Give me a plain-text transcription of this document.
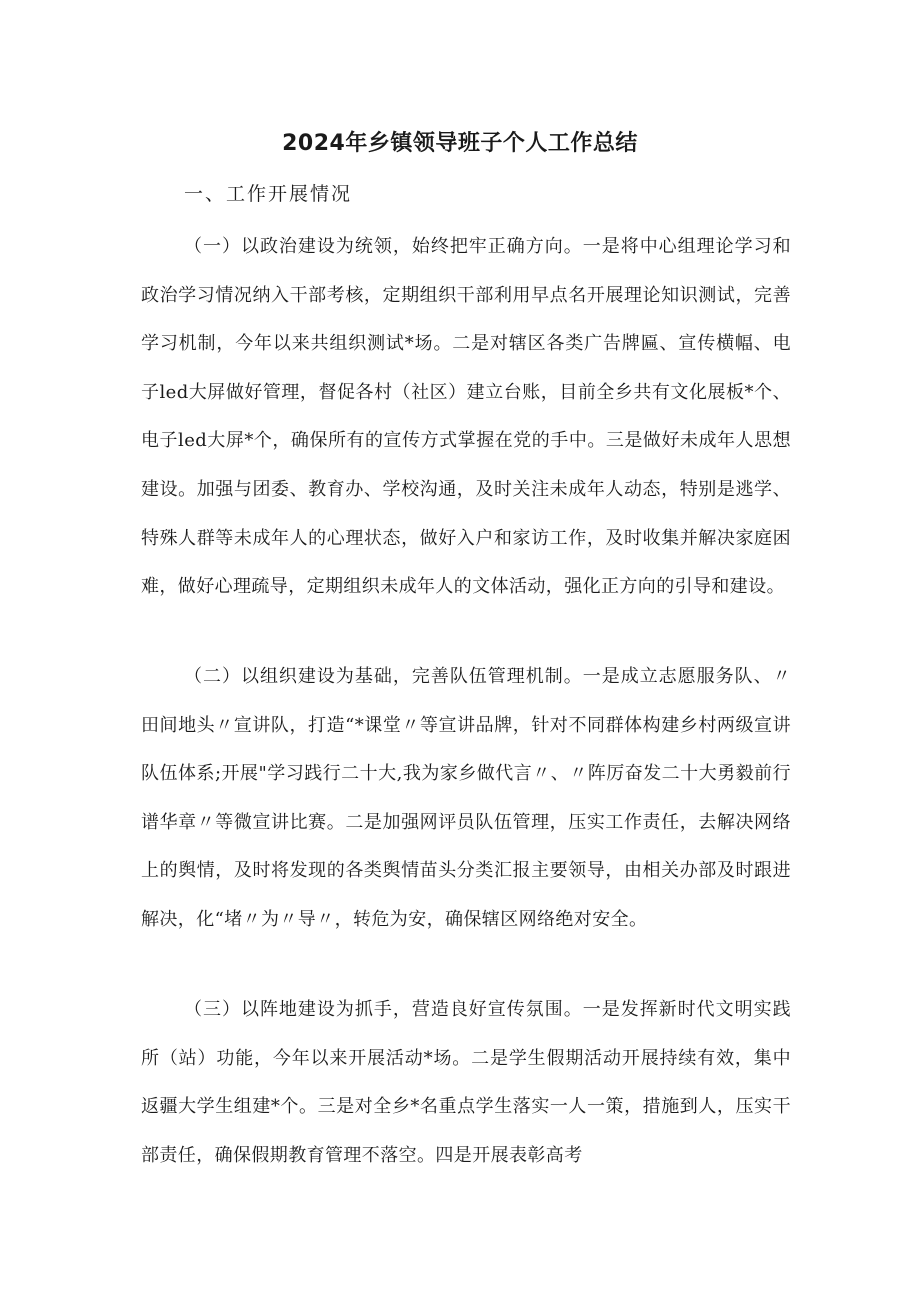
2024年乡镇领导班子个人工作总结
一、工作开展情况

（一）以政治建设为统领，始终把牢正确方向。一是将中心组理论学习和政治学习情况纳入干部考核，定期组织干部利用早点名开展理论知识测试，完善学习机制，今年以来共组织测试*场。二是对辖区各类广告牌匾、宣传横幅、电子led大屏做好管理，督促各村（社区）建立台账，目前全乡共有文化展板*个、电子led大屏*个，确保所有的宣传方式掌握在党的手中。三是做好未成年人思想建设。加强与团委、教育办、学校沟通，及时关注未成年人动态，特别是逃学、特殊人群等未成年人的心理状态，做好入户和家访工作，及时收集并解决家庭困难，做好心理疏导，定期组织未成年人的文体活动，强化正方向的引导和建设。

（二）以组织建设为基础，完善队伍管理机制。一是成立志愿服务队、〃田间地头〃宣讲队，打造“*课堂〃等宣讲品牌，针对不同群体构建乡村两级宣讲队伍体系;开展"学习践行二十大,我为家乡做代言〃、〃阵厉奋发二十大勇毅前行谱华章〃等微宣讲比赛。二是加强网评员队伍管理，压实工作责任，去解决网络上的舆情，及时将发现的各类舆情苗头分类汇报主要领导，由相关办部及时跟进解决，化“堵〃为〃导〃，转危为安，确保辖区网络绝对安全。

（三）以阵地建设为抓手，营造良好宣传氛围。一是发挥新时代文明实践所（站）功能，今年以来开展活动*场。二是学生假期活动开展持续有效，集中返疆大学生组建*个。三是对全乡*名重点学生落实一人一策，措施到人，压实干部责任，确保假期教育管理不落空。四是开展表彰高考
